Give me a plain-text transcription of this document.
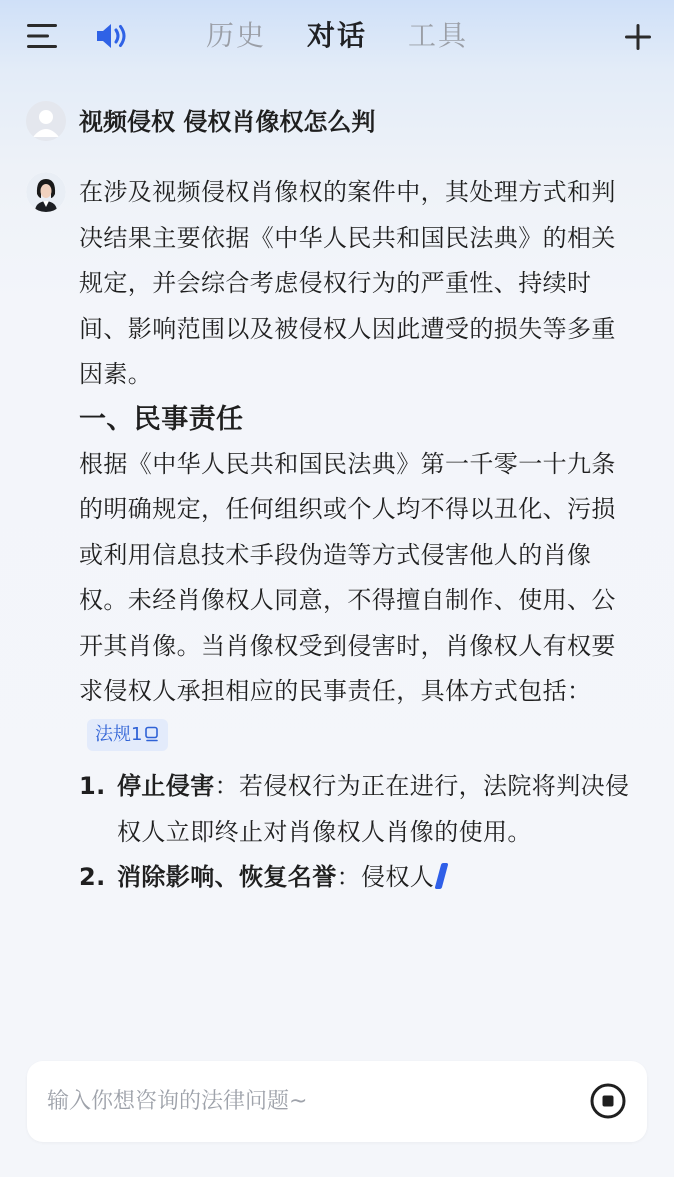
历史 对话 工具
视频侵权 侵权肖像权怎么判

在涉及视频侵权肖像权的案件中，其处理方式和判决结果主要依据《中华人民共和国民法典》的相关规定，并会综合考虑侵权行为的严重性、持续时间、影响范围以及被侵权人因此遭受的损失等多重因素。

一、民事责任

根据《中华人民共和国民法典》第一千零一十九条的明确规定，任何组织或个人均不得以丑化、污损或利用信息技术手段伪造等方式侵害他人的肖像权。未经肖像权人同意，不得擅自制作、使用、公开其肖像。当肖像权受到侵害时，肖像权人有权要求侵权人承担相应的民事责任，具体方式包括：法规1

1. 停止侵害：若侵权行为正在进行，法院将判决侵权人立即终止对肖像权人肖像的使用。
2. 消除影响、恢复名誉：侵权人
输入你想咨询的法律问题~
